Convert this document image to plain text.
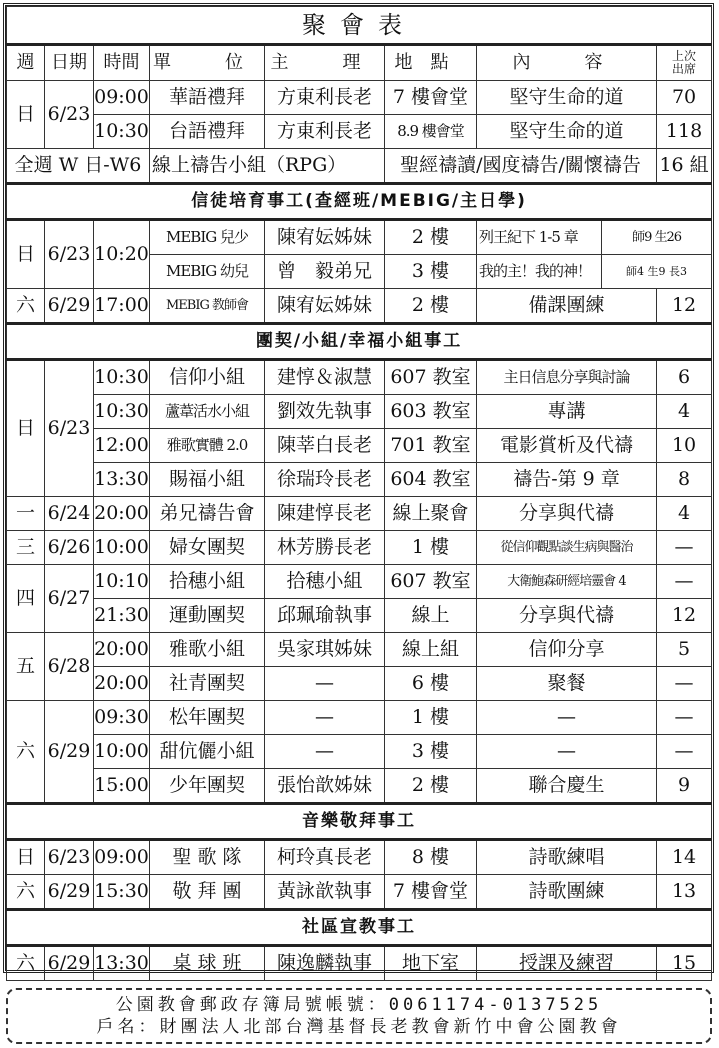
聚會表								
週	日期	時間	單　位	主　理	地點	內　容		上次
出席
日	6/23	09:00	華語禮拜	方東利長老	7 樓會堂	堅守生命的道		70
		10:30	台語禮拜	方東利長老	8.9 樓會堂	堅守生命的道		118
全週 W 日-W6			線上禱告小組（RPG）		聖經禱讀/國度禱告/關懷禱告			16 組
信徒培育事工(查經班/MEBIG/主日學)								
日	6/23	10:20	MEBIG 兒少	陳宥妘姊妹	2 樓	列王紀下 1-5 章	師9 生26	
			MEBIG 幼兒	曾　毅弟兄	3 樓	我的主！我的神！	師4 生9 長3	
六	6/29	17:00	MEBIG 教師會	陳宥妘姊妹	2 樓	備課團練		12
團契/小組/幸福小組事工								
日	6/23	10:30	信仰小組	建惇＆淑慧	607 教室	主日信息分享與討論		6
		10:30	蘆葦活水小組	劉效先執事	603 教室	專講		4
		12:00	雅歌實體 2.0	陳莘白長老	701 教室	電影賞析及代禱		10
		13:30	賜福小組	徐瑞玲長老	604 教室	禱告-第 9 章		8
一	6/24	20:00	弟兄禱告會	陳建惇長老	線上聚會	分享與代禱		4
三	6/26	10:00	婦女團契	林芳勝長老	1 樓	從信仰觀點談生病與醫治		—
四	6/27	10:10	拾穗小組	拾穗小組	607 教室	大衛鮑森研經培靈會 4		—
		21:30	運動團契	邱珮瑜執事	線上	分享與代禱		12
五	6/28	20:00	雅歌小組	吳家琪姊妹	線上組	信仰分享		5
		20:00	社青團契	—	6 樓	聚餐		—
六	6/29	09:30	松年團契	—	1 樓	—		—
		10:00	甜伉儷小組	—	3 樓	—		—
		15:00	少年團契	張怡歆姊妹	2 樓	聯合慶生		9
音樂敬拜事工								
日	6/23	09:00	聖 歌 隊	柯玲真長老	8 樓	詩歌練唱		14
六	6/29	15:30	敬 拜 團	黃詠歆執事	7 樓會堂	詩歌團練		13
社區宣教事工								
六	6/29	13:30	桌 球 班	陳逸麟執事	地下室	授課及練習		15
公園教會郵政存簿局號帳號：0061174-0137525
戶名：財團法人北部台灣基督長老教會新竹中會公園教會
